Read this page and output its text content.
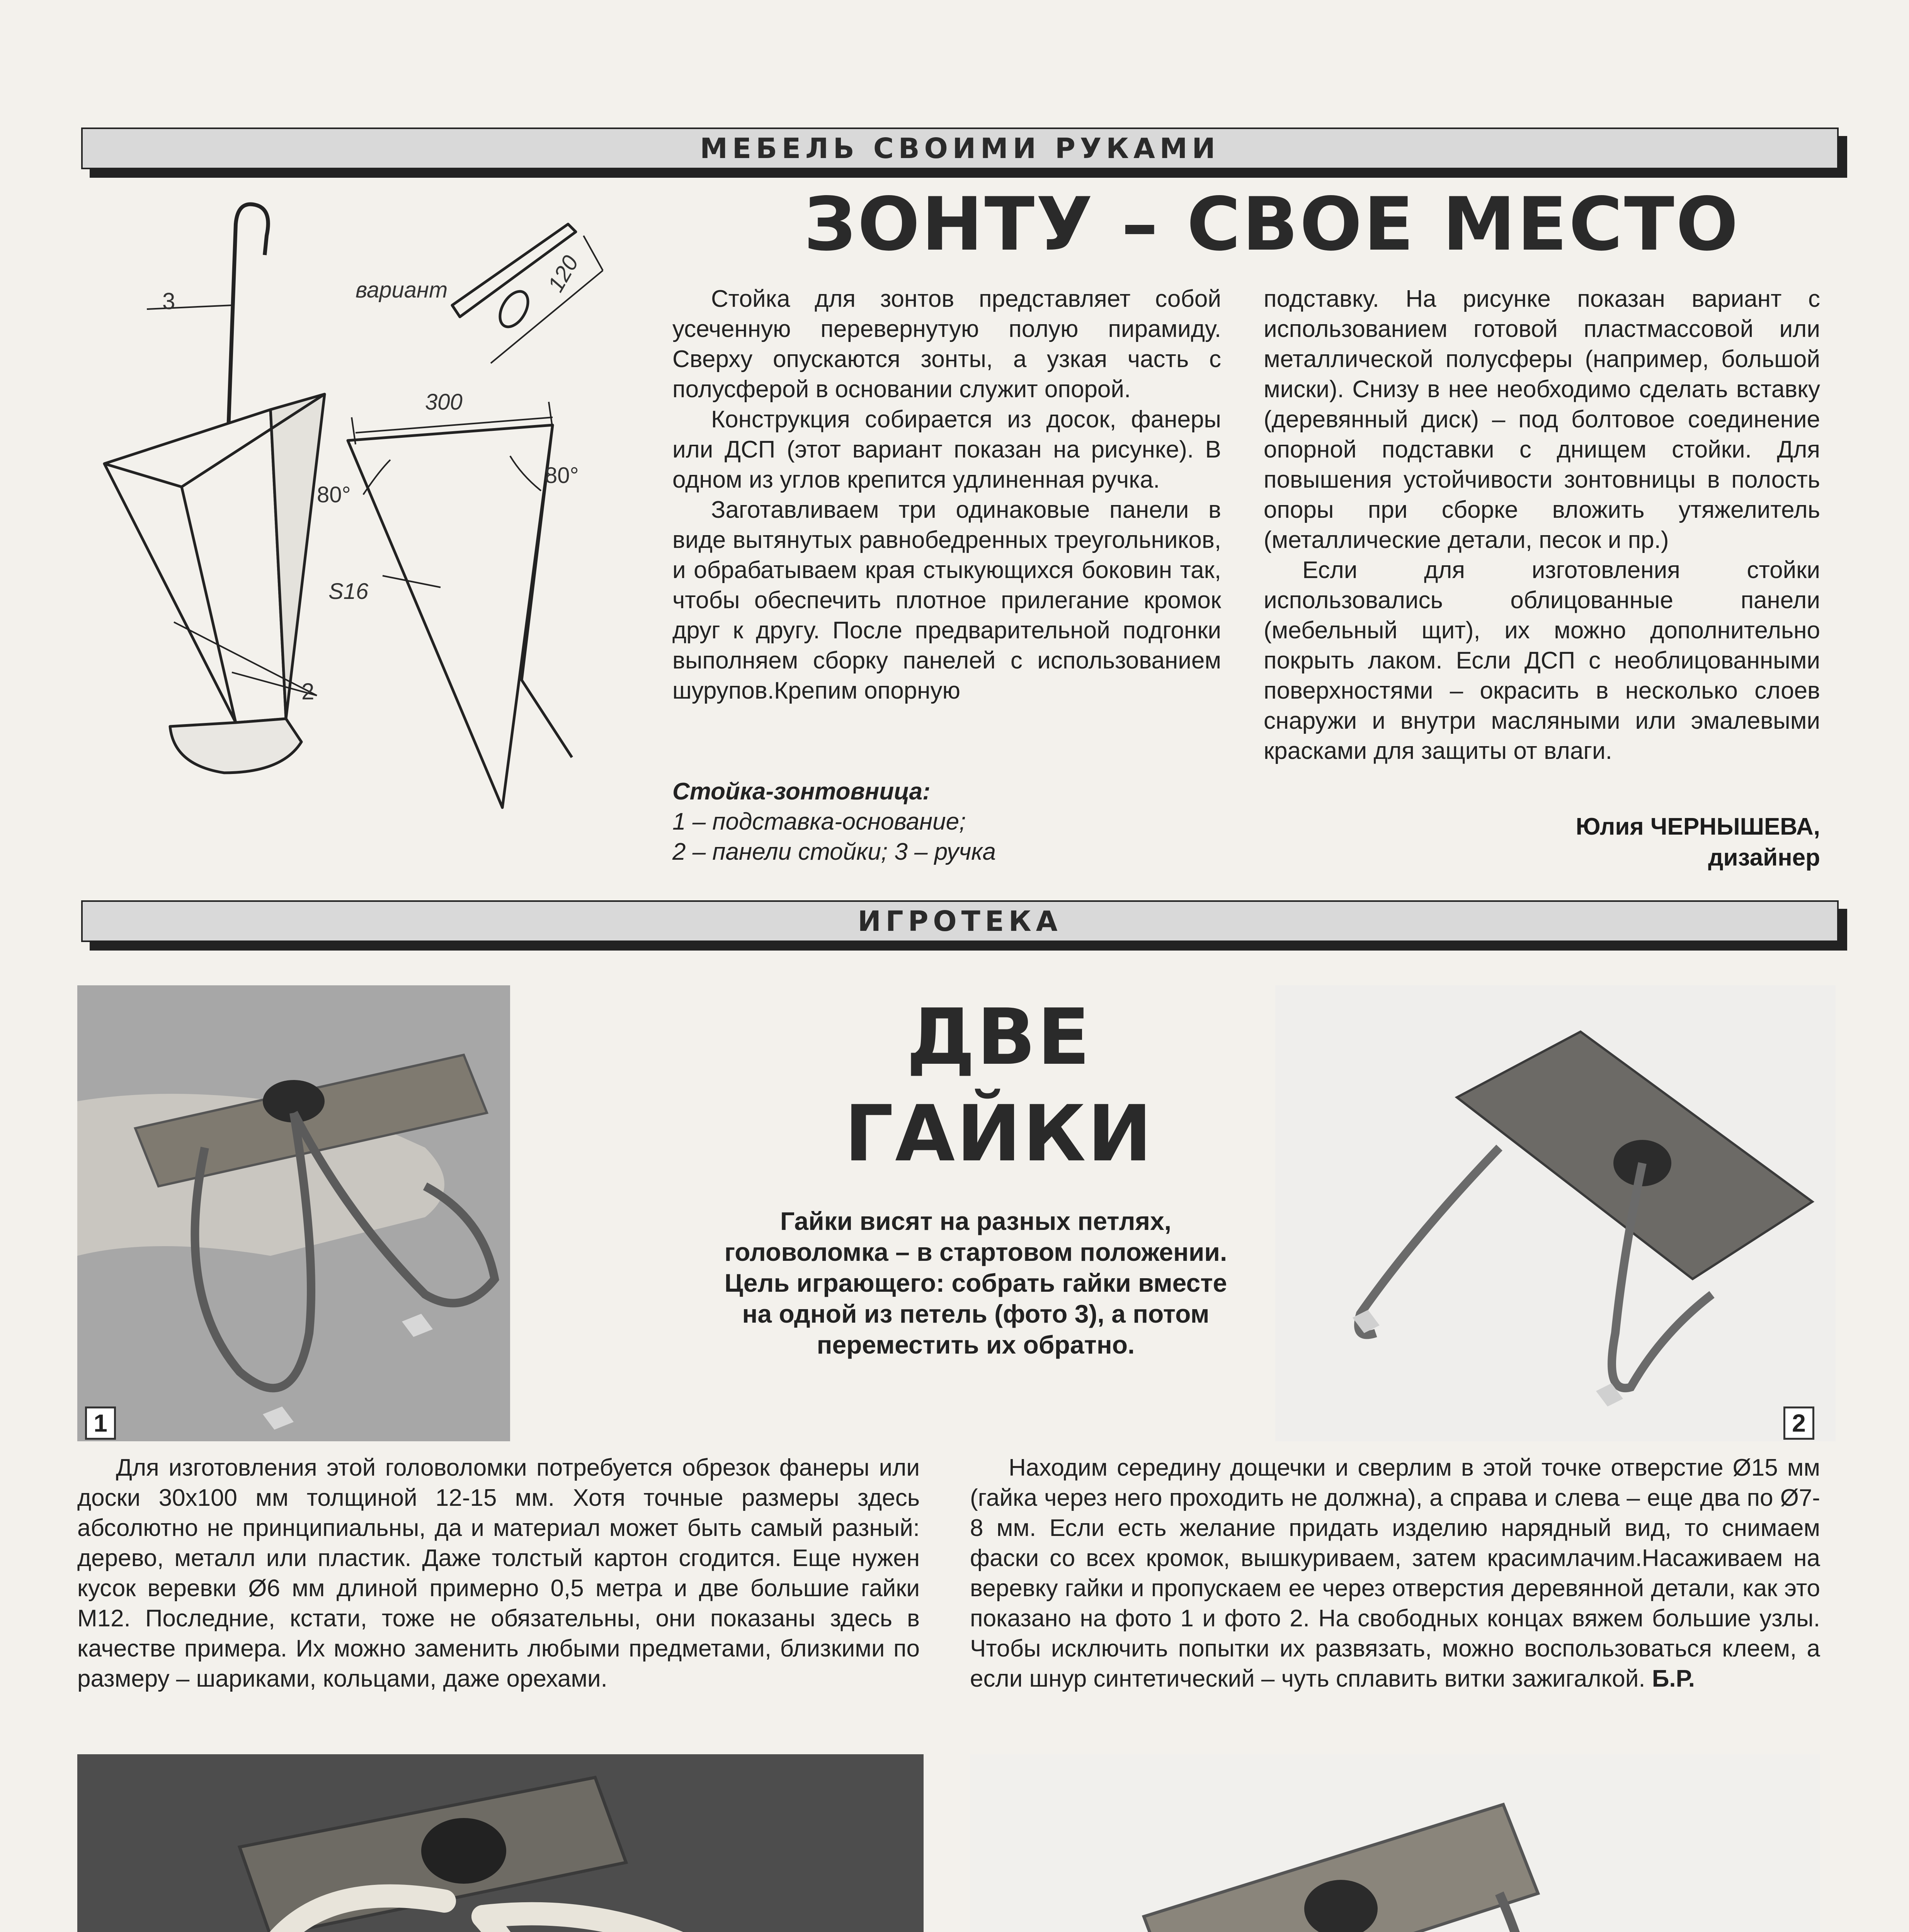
МЕБЕЛЬ СВОИМИ РУКАМИ
3	вариант	120
300
80°
80°
S16
2
ЗОНТУ – СВОЕ МЕСТО

Стойка для зонтов представляет собой усеченную перевернутую полую пирамиду. Сверху опускаются зонты, а узкая часть с полусферой в основании служит опорой.

Конструкция собирается из досок, фанеры или ДСП (этот вариант показан на рисунке). В одном из углов крепится удлиненная ручка.

Заготавливаем три одинаковые панели в виде вытянутых равнобедренных треугольников, и обрабатываем края стыкующихся боковин так, чтобы обеспечить плотное прилегание кромок друг к другу. После предварительной подгонки выполняем сборку панелей с использованием шурупов.Крепим опорную

Стойка-зонтовница:

1 – подставка-основание;

2 – панели стойки; 3 – ручка

подставку. На рисунке показан вариант с использованием готовой пластмассовой или металлической полусферы (например, большой миски). Снизу в нее необходимо сделать вставку (деревянный диск) – под болтовое соединение опорной подставки с днищем стойки. Для повышения устойчивости зонтовницы в полость опоры при сборке вложить утяжелитель (металлические детали, песок и пр.)

Если для изготовления стойки использовались облицованные панели (мебельный щит), их можно дополнительно покрыть лаком. Если ДСП с необлицованными поверхностями – окрасить в несколько слоев снаружи и внутри масляными или эмалевыми красками для защиты от влаги.

Юлия ЧЕРНЫШЕВА,
дизайнер
ИГРОТЕКА
1
ДВЕ
ГАЙКИ
Гайки висят на разных петлях, головоломка – в стартовом положении. Цель играющего: собрать гайки вместе на одной из петель (фото 3), а потом переместить их обратно.
2

Для изготовления этой головоломки потребуется обрезок фанеры или доски 30х100 мм толщиной 12-15 мм. Хотя точные размеры здесь абсолютно не принципиальны, да и материал может быть самый разный: дерево, металл или пластик. Даже толстый картон сгодится. Еще нужен кусок веревки Ø6 мм длиной примерно 0,5 метра и две большие гайки М12. Последние, кстати, тоже не обязательны, они показаны здесь в качестве примера. Их можно заменить любыми предметами, близкими по размеру – шариками, кольцами, даже орехами.

Находим середину дощечки и сверлим в этой точке отверстие Ø15 мм (гайка через него проходить не должна), а справа и слева – еще два по Ø7-8 мм. Если есть желание придать изделию нарядный вид, то снимаем фаски со всех кромок, вышкуриваем, затем красимлачим.Насаживаем на веревку гайки и пропускаем ее через отверстия деревянной детали, как это показано на фото 1 и фото 2. На свободных концах вяжем большие узлы. Чтобы исключить попытки их развязать, можно воспользоваться клеем, а если шнур синтетический – чуть сплавить витки зажигалкой. Б.Р.
